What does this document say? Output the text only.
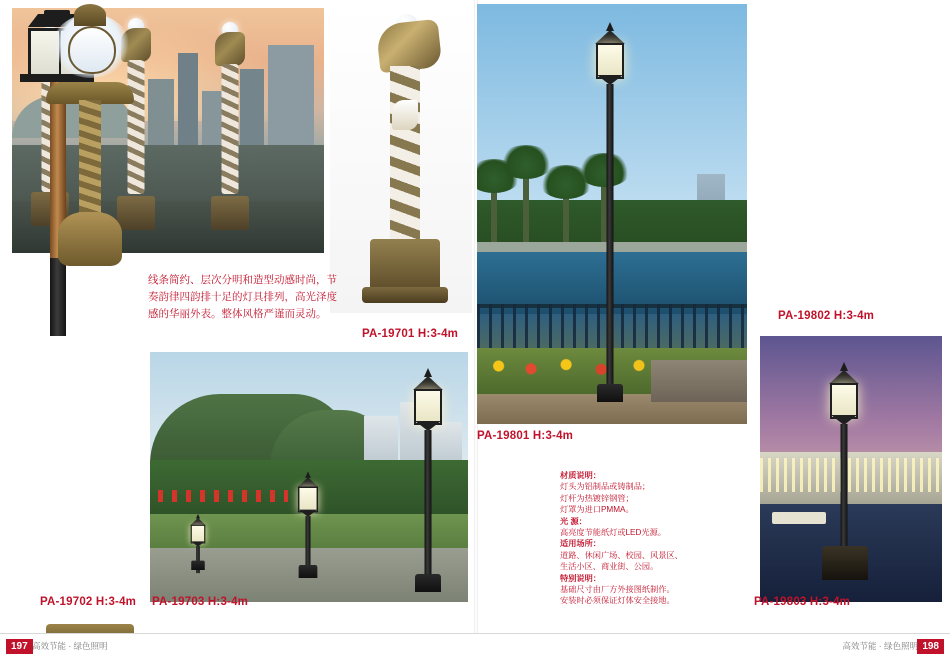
PA-19701 H:3-4m
线条简约、层次分明和造型动感时尚，节奏韵律四韵排十足的灯具排列，高光泽度感的华丽外表。整体风格严谨而灵动。
PA-19801 H:3-4m
材质说明：
灯头为铝制品或铸制品；
灯杆为热镀锌钢管；
灯罩为进口PMMA。
光 源：
高亮度节能纸灯或LED光源。
适用场所：
道路、休闲广场、校园、风景区、
生活小区、商业街、公园。
特别说明：
基础尺寸由厂方外接图纸制作。
安装时必须保证灯体安全接地。
PA-19702 H:3-4m PA-19703 H:3-4m
PA-19802 H:3-4m
PA-19803 H:3-4m
197 高效节能 · 绿色照明	198
高效节能 · 绿色照明
